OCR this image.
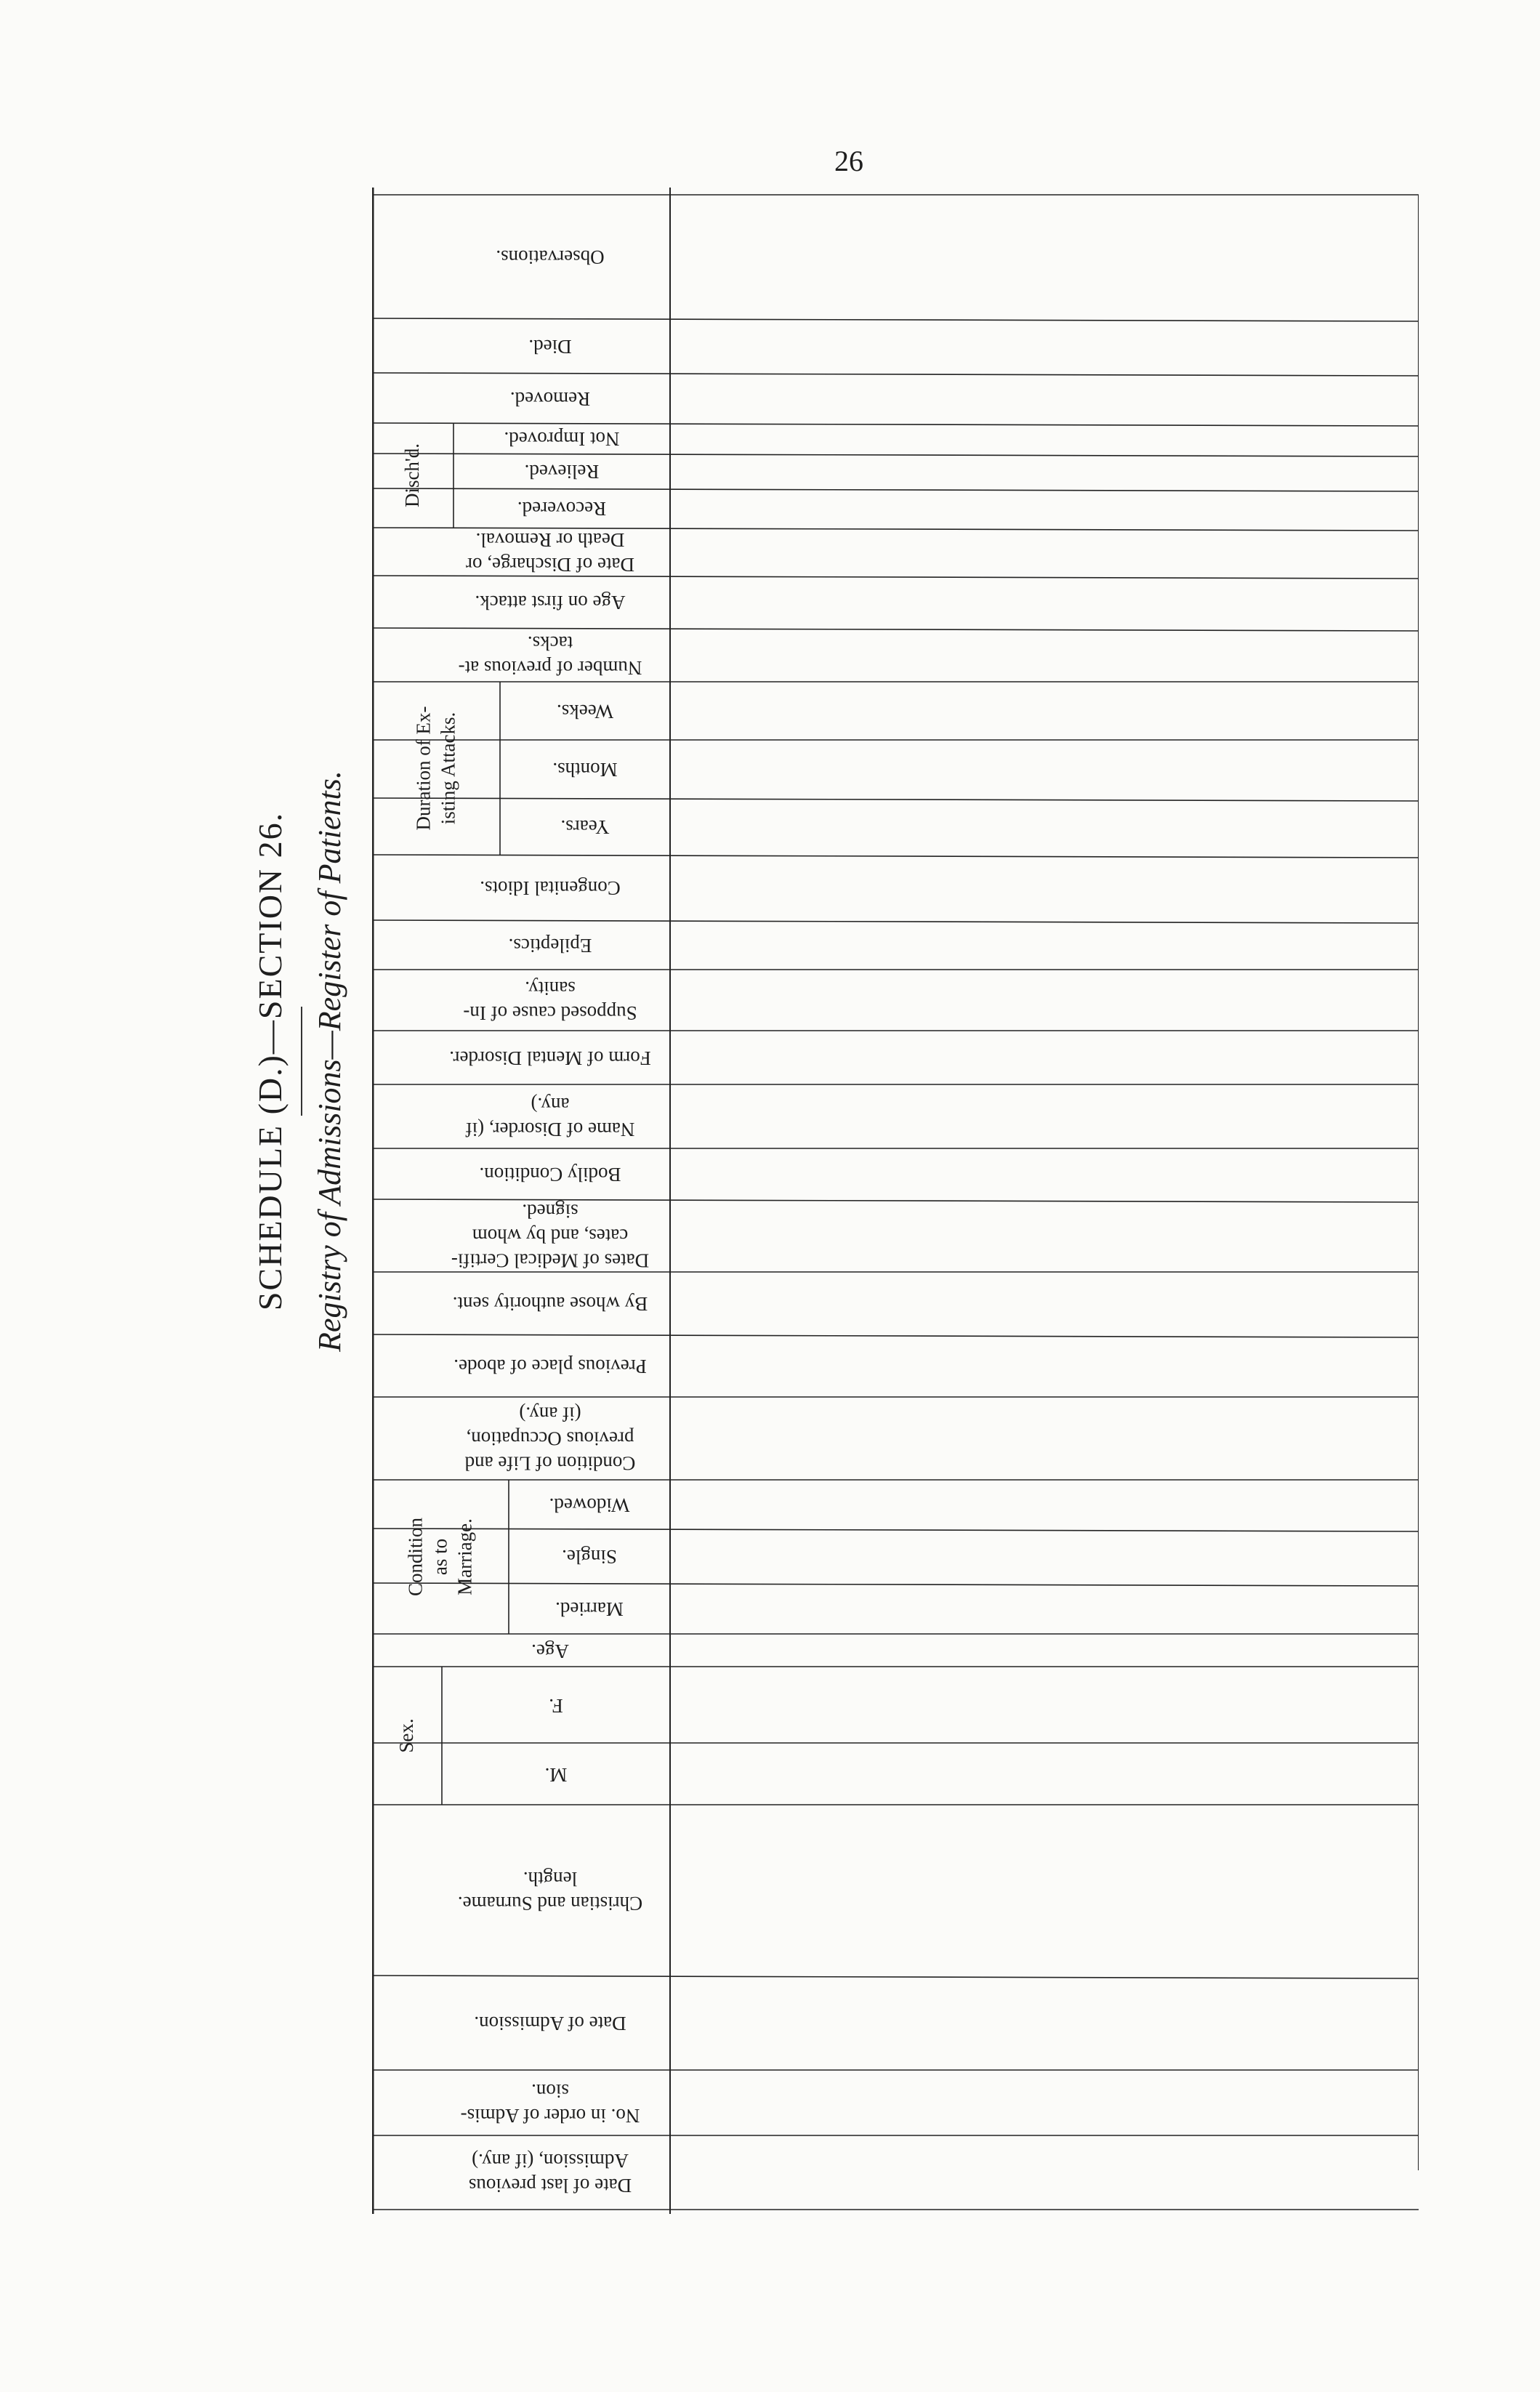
26
SCHEDULE (D.)—SECTION 26. Registry of Admissions—Register of Patients.
Sex.
Condition
as to
Marriage.
Duration of Ex-
isting Attacks.
Disch'd.
Date of last previous
Admission, (if any.)
No. in order of Admis-
sion.
Date of Admission.
Christian and Surname.
length.
M.
F.
Age.
Married.
Single.
Widowed.
Condition of Life and
previous Occupation,
(if any.)
Previous place of abode.
By whose authority sent.
Dates of Medical Certifi-
cates, and by whom
signed.
Bodily Condition.
Name of Disorder, (if
any.)
Form of Mental Disorder.
Supposed cause of In-
sanity.
Epileptics.
Congenital Idiots.
Years.
Months.
Weeks.
Number of previous at-
tacks.
Age on first attack.
Date of Discharge, or
Death or Removal.
Recovered.
Relieved.
Not Improved.
Removed.
Died.
Observations.
